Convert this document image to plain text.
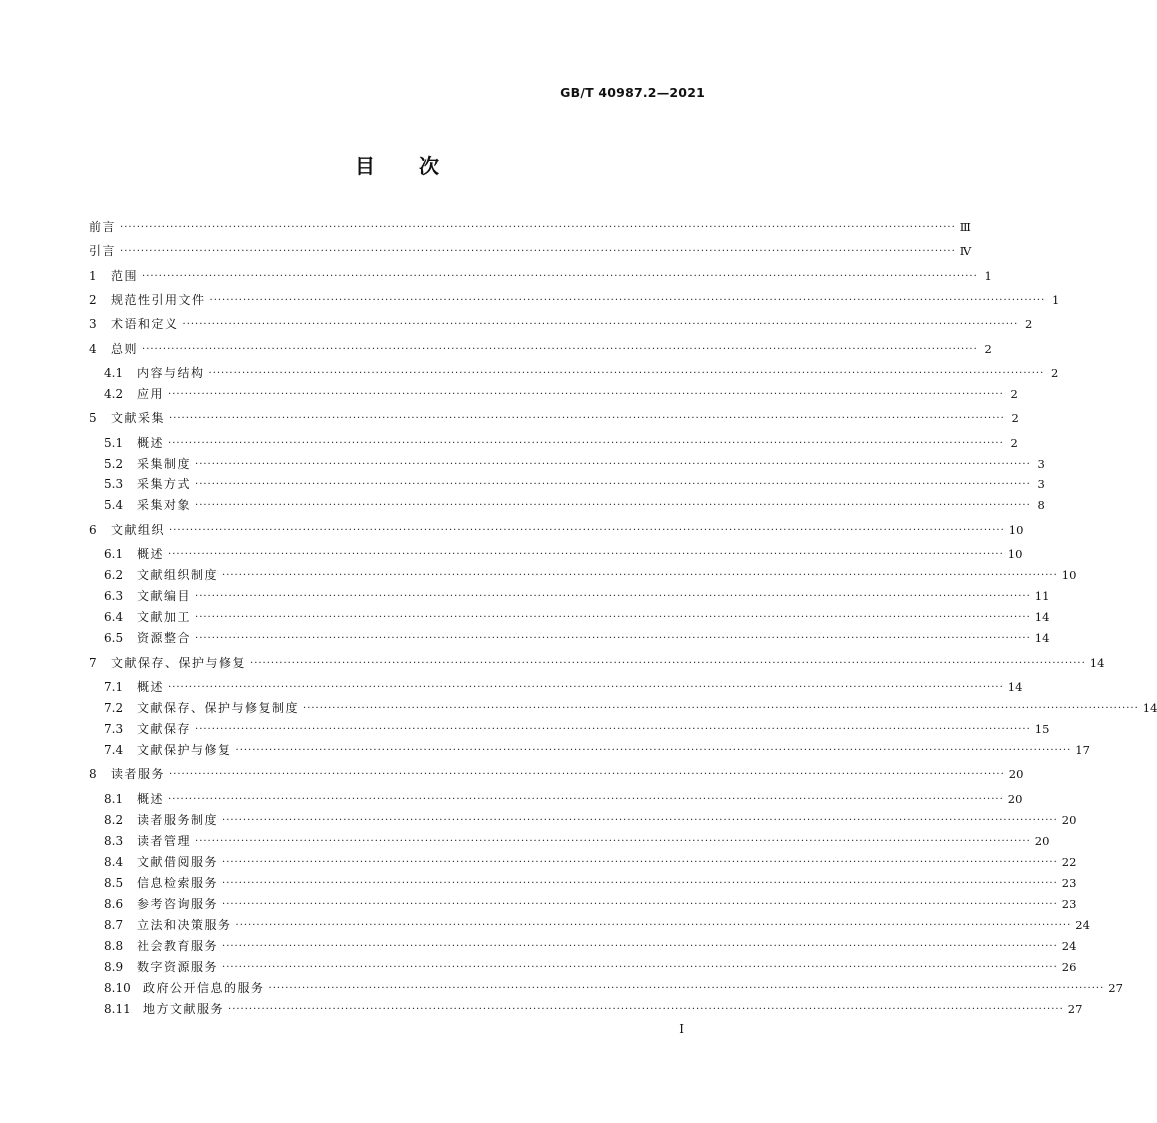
GB/T 40987.2—2021
目 次
前言 ········································································································································································································ Ⅲ
引言 ········································································································································································································ Ⅳ
1	范围 ········································································································································································································ 1
2	规范性引用文件 ········································································································································································································ 1
3	术语和定义 ········································································································································································································ 2
4	总则 ········································································································································································································ 2
4.1	内容与结构 ········································································································································································································ 2
4.2	应用 ········································································································································································································ 2
5	文献采集 ········································································································································································································ 2
5.1	概述 ········································································································································································································ 2
5.2	采集制度 ········································································································································································································ 3
5.3	采集方式 ········································································································································································································ 3
5.4	采集对象 ········································································································································································································ 8
6	文献组织 ········································································································································································································ 10
6.1	概述 ········································································································································································································ 10
6.2	文献组织制度 ········································································································································································································ 10
6.3	文献编目 ········································································································································································································ 11
6.4	文献加工 ········································································································································································································ 14
6.5	资源整合 ········································································································································································································ 14
7	文献保存、保护与修复 ········································································································································································································ 14
7.1	概述 ········································································································································································································ 14
7.2	文献保存、保护与修复制度 ········································································································································································································ 14
7.3	文献保存 ········································································································································································································ 15
7.4	文献保护与修复 ········································································································································································································ 17
8	读者服务 ········································································································································································································ 20
8.1	概述 ········································································································································································································ 20
8.2	读者服务制度 ········································································································································································································ 20
8.3	读者管理 ········································································································································································································ 20
8.4	文献借阅服务 ········································································································································································································ 22
8.5	信息检索服务 ········································································································································································································ 23
8.6	参考咨询服务 ········································································································································································································ 23
8.7	立法和决策服务 ········································································································································································································ 24
8.8	社会教育服务 ········································································································································································································ 24
8.9	数字资源服务 ········································································································································································································ 26
8.10	政府公开信息的服务 ········································································································································································································ 27
8.11	地方文献服务 ········································································································································································································ 27
Ⅰ
